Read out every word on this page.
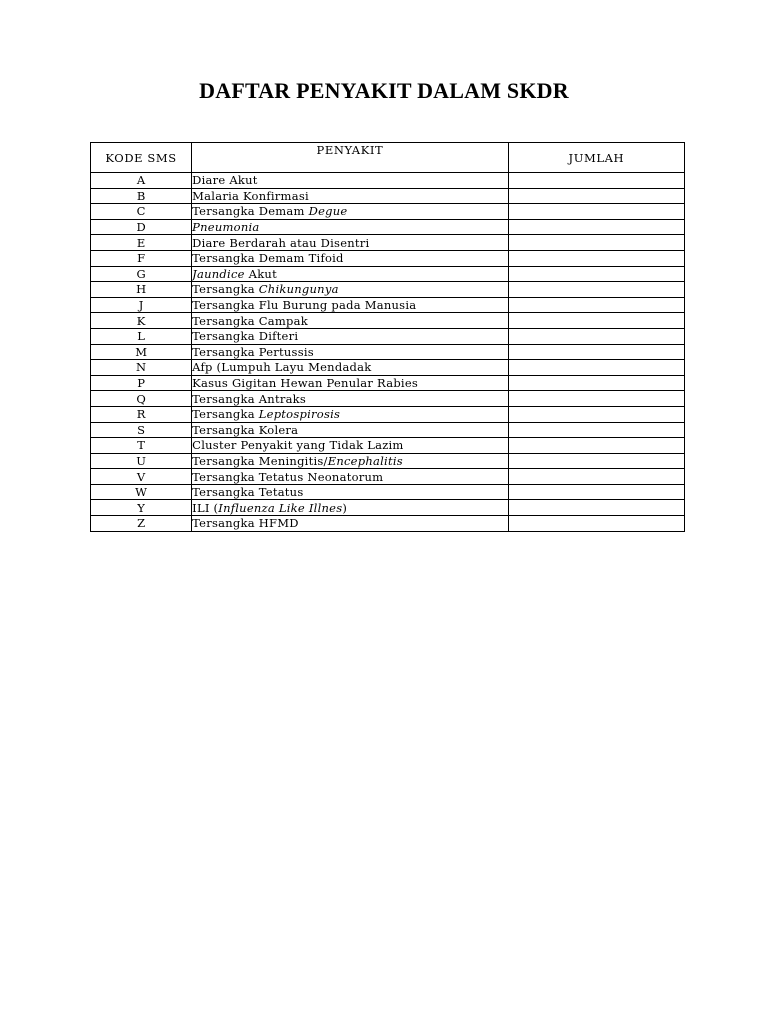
DAFTAR PENYAKIT DALAM SKDR
KODE SMS	PENYAKIT	JUMLAH
A	Diare Akut	
B	Malaria Konfirmasi	
C	Tersangka Demam Degue	
D	Pneumonia	
E	Diare Berdarah atau Disentri	
F	Tersangka Demam Tifoid	
G	Jaundice Akut	
H	Tersangka Chikungunya	
J	Tersangka Flu Burung pada Manusia	
K	Tersangka Campak	
L	Tersangka Difteri	
M	Tersangka Pertussis	
N	Afp (Lumpuh Layu Mendadak	
P	Kasus Gigitan Hewan Penular Rabies	
Q	Tersangka Antraks	
R	Tersangka Leptospirosis	
S	Tersangka Kolera	
T	Cluster Penyakit yang Tidak Lazim	
U	Tersangka Meningitis/Encephalitis	
V	Tersangka Tetatus Neonatorum	
W	Tersangka Tetatus	
Y	ILI (Influenza Like Illnes)	
Z	Tersangka HFMD	
